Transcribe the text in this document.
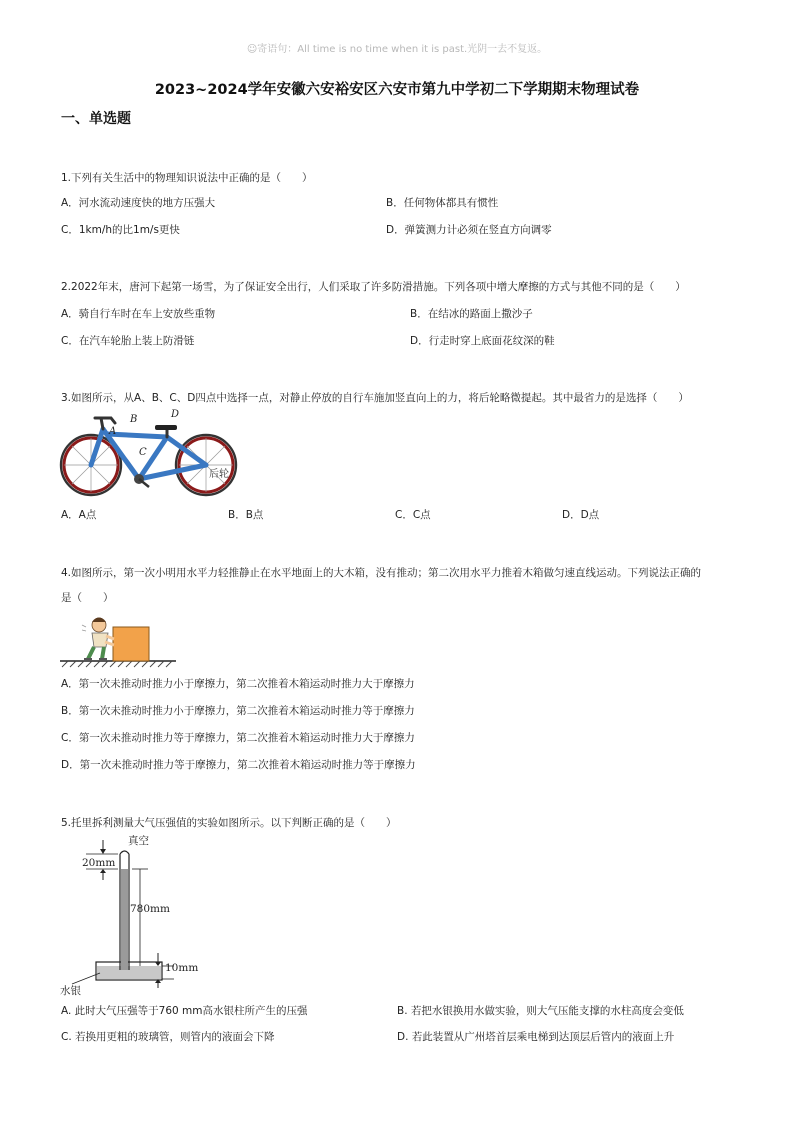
☺寄语句：All time is no time when it is past.光阴一去不复返。
2023~2024学年安徽六安裕安区六安市第九中学初二下学期期末物理试卷
一、单选题
1.下列有关生活中的物理知识说法中正确的是（　　）
A．河水流动速度快的地方压强大	B．任何物体都具有惯性
C．1km/h的比1m/s更快	D．弹簧测力计必须在竖直方向调零
2.2022年末，唐河下起第一场雪，为了保证安全出行，人们采取了许多防滑措施。下列各项中增大摩擦的方式与其他不同的是（　　）
A．骑自行车时在车上安放些重物	B．在结冰的路面上撒沙子
C．在汽车轮胎上装上防滑链	D．行走时穿上底面花纹深的鞋
3.如图所示，从A、B、C、D四点中选择一点，对静止停放的自行车施加竖直向上的力，将后轮略微提起。其中最省力的是选择（　　）
A
B
C
D
后轮
A．A点	B．B点	C．C点	D．D点
4.如图所示，第一次小明用水平力轻推静止在水平地面上的大木箱，没有推动；第二次用水平力推着木箱做匀速直线运动。下列说法正确的
是（　　）
A．第一次未推动时推力小于摩擦力，第二次推着木箱运动时推力大于摩擦力
B．第一次未推动时推力小于摩擦力，第二次推着木箱运动时推力等于摩擦力
C．第一次未推动时推力等于摩擦力，第二次推着木箱运动时推力大于摩擦力
D．第一次未推动时推力等于摩擦力，第二次推着木箱运动时推力等于摩擦力
5.托里拆利测量大气压强值的实验如图所示。以下判断正确的是（　　）
真空
20mm
780mm
10mm
水银
A. 此时大气压强等于760 mm高水银柱所产生的压强	B. 若把水银换用水做实验，则大气压能支撑的水柱高度会变低
C. 若换用更粗的玻璃管，则管内的液面会下降	D. 若此装置从广州塔首层乘电梯到达顶层后管内的液面上升
